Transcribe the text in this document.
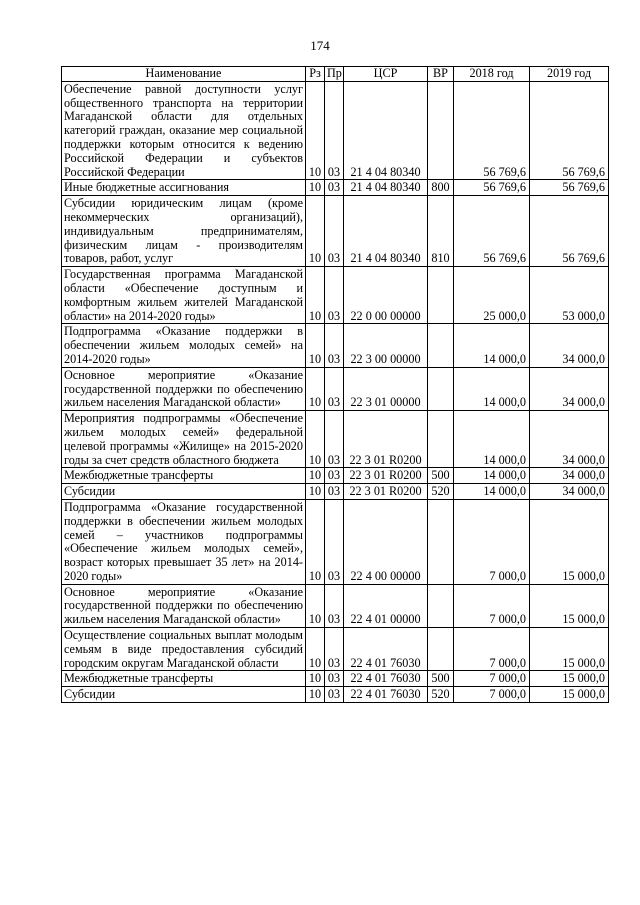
174
Наименование	Рз	Пр	ЦСР	ВР	2018 год	2019 год
Обеспечение равной доступности услуг общественного транспорта на территории Магаданской области для отдельных категорий граждан, оказание мер социальной поддержки которым относится к ведению Российской Федерации и субъектов Российской Федерации	10	03	21 4 04 80340		56 769,6	56 769,6
Иные бюджетные ассигнования	10	03	21 4 04 80340	800	56 769,6	56 769,6
Субсидии юридическим лицам (кроме некоммерческих организаций), индивидуальным предпринимателям, физическим лицам - производителям товаров, работ, услуг	10	03	21 4 04 80340	810	56 769,6	56 769,6
Государственная программа Магаданской области «Обеспечение доступным и комфортным жильем жителей Магаданской области» на 2014-2020 годы»	10	03	22 0 00 00000		25 000,0	53 000,0
Подпрограмма «Оказание поддержки в обеспечении жильем молодых семей» на 2014-2020 годы»	10	03	22 3 00 00000		14 000,0	34 000,0
Основное мероприятие «Оказание государственной поддержки по обеспечению жильем населения Магаданской области»	10	03	22 3 01 00000		14 000,0	34 000,0
Мероприятия подпрограммы «Обеспечение жильем молодых семей» федеральной целевой программы «Жилище» на 2015-2020 годы за счет средств областного бюджета	10	03	22 3 01 R0200		14 000,0	34 000,0
Межбюджетные трансферты	10	03	22 3 01 R0200	500	14 000,0	34 000,0
Субсидии	10	03	22 3 01 R0200	520	14 000,0	34 000,0
Подпрограмма «Оказание государственной поддержки в обеспечении жильем молодых семей – участников подпрограммы «Обеспечение жильем молодых семей», возраст которых превышает 35 лет» на 2014-2020 годы»	10	03	22 4 00 00000		7 000,0	15 000,0
Основное мероприятие «Оказание государственной поддержки по обеспечению жильем населения Магаданской области»	10	03	22 4 01 00000		7 000,0	15 000,0
Осуществление социальных выплат молодым семьям в виде предоставления субсидий городским округам Магаданской области	10	03	22 4 01 76030		7 000,0	15 000,0
Межбюджетные трансферты	10	03	22 4 01 76030	500	7 000,0	15 000,0
Субсидии	10	03	22 4 01 76030	520	7 000,0	15 000,0
